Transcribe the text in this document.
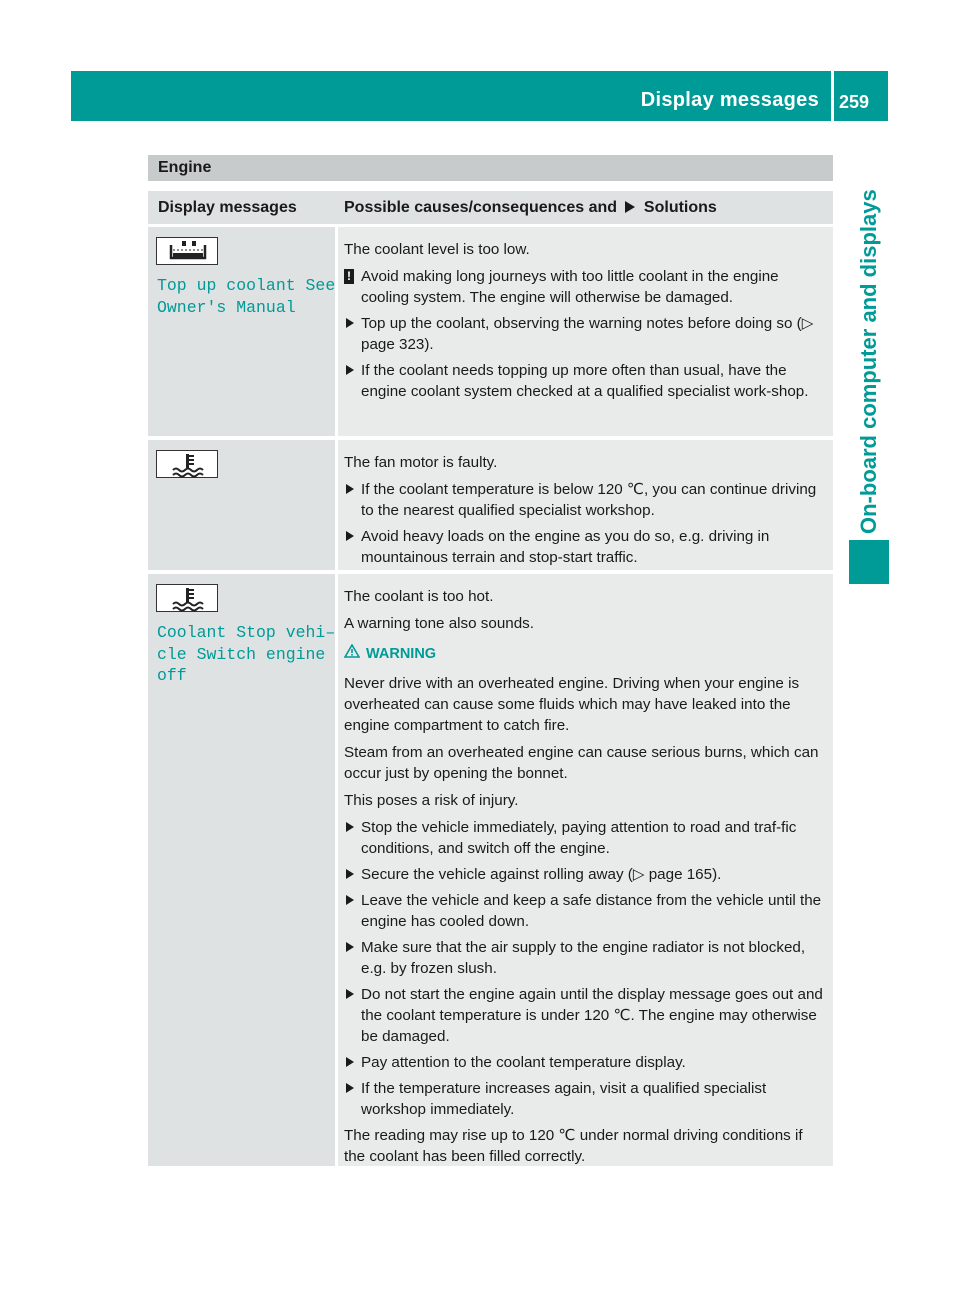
Display messages 259
On-board computer and displays
Engine
Display messages	Possible causes/consequences and Solutions
Top up coolant See
Owner's Manual
The coolant level is too low.
! Avoid making long journeys with too little coolant in the engine cooling system. The engine will otherwise be damaged.
Top up the coolant, observing the warning notes before doing so (▷ page 323).
If the coolant needs topping up more often than usual, have the engine coolant system checked at a qualified specialist work-shop.
The fan motor is faulty.
If the coolant temperature is below 120 ℃, you can continue driving to the nearest qualified specialist workshop.
Avoid heavy loads on the engine as you do so, e.g. driving in mountainous terrain and stop-start traffic.
Coolant Stop vehi–
cle Switch engine
off
The coolant is too hot.
A warning tone also sounds.
WARNING
Never drive with an overheated engine. Driving when your engine is overheated can cause some fluids which may have leaked into the engine compartment to catch fire.
Steam from an overheated engine can cause serious burns, which can occur just by opening the bonnet.
This poses a risk of injury.
Stop the vehicle immediately, paying attention to road and traf-fic conditions, and switch off the engine.
Secure the vehicle against rolling away (▷ page 165).
Leave the vehicle and keep a safe distance from the vehicle until the engine has cooled down.
Make sure that the air supply to the engine radiator is not blocked, e.g. by frozen slush.
Do not start the engine again until the display message goes out and the coolant temperature is under 120 ℃. The engine may otherwise be damaged.
Pay attention to the coolant temperature display.
If the temperature increases again, visit a qualified specialist workshop immediately.
The reading may rise up to 120 ℃ under normal driving conditions if the coolant has been filled correctly.
